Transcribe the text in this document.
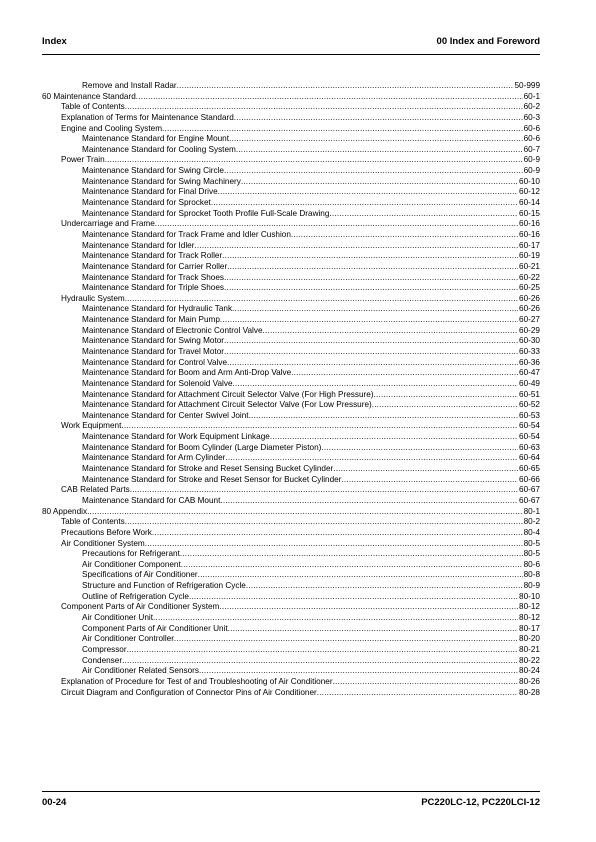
Index	00 Index and Foreword
Remove and Install Radar .....	50-999
60 Maintenance Standard .....	60-1
Table of Contents .....	60-2
Explanation of Terms for Maintenance Standard .....	60-3
Engine and Cooling System .....	60-6
Maintenance Standard for Engine Mount .....	60-6
Maintenance Standard for Cooling System .....	60-7
Power Train .....	60-9
Maintenance Standard for Swing Circle .....	60-9
Maintenance Standard for Swing Machinery .....	60-10
Maintenance Standard for Final Drive .....	60-12
Maintenance Standard for Sprocket .....	60-14
Maintenance Standard for Sprocket Tooth Profile Full-Scale Drawing .....	60-15
Undercarriage and Frame .....	60-16
Maintenance Standard for Track Frame and Idler Cushion .....	60-16
Maintenance Standard for Idler .....	60-17
Maintenance Standard for Track Roller .....	60-19
Maintenance Standard for Carrier Roller .....	60-21
Maintenance Standard for Track Shoes .....	60-22
Maintenance Standard for Triple Shoes .....	60-25
Hydraulic System .....	60-26
Maintenance Standard for Hydraulic Tank .....	60-26
Maintenance Standard for Main Pump .....	60-27
Maintenance Standard of Electronic Control Valve .....	60-29
Maintenance Standard for Swing Motor .....	60-30
Maintenance Standard for Travel Motor .....	60-33
Maintenance Standard for Control Valve .....	60-36
Maintenance Standard for Boom and Arm Anti-Drop Valve .....	60-47
Maintenance Standard for Solenoid Valve .....	60-49
Maintenance Standard for Attachment Circuit Selector Valve (For High Pressure) .....	60-51
Maintenance Standard for Attachment Circuit Selector Valve (For Low Pressure) .....	60-52
Maintenance Standard for Center Swivel Joint .....	60-53
Work Equipment .....	60-54
Maintenance Standard for Work Equipment Linkage .....	60-54
Maintenance Standard for Boom Cylinder (Large Diameter Piston) .....	60-63
Maintenance Standard for Arm Cylinder .....	60-64
Maintenance Standard for Stroke and Reset Sensing Bucket Cylinder .....	60-65
Maintenance Standard for Stroke and Reset Sensor for Bucket Cylinder .....	60-66
CAB Related Parts .....	60-67
Maintenance Standard for CAB Mount .....	60-67
80 Appendix .....	80-1
Table of Contents .....	80-2
Precautions Before Work .....	80-4
Air Conditioner System .....	80-5
Precautions for Refrigerant .....	80-5
Air Conditioner Component .....	80-6
Specifications of Air Conditioner .....	80-8
Structure and Function of Refrigeration Cycle .....	80-9
Outline of Refrigeration Cycle .....	80-10
Component Parts of Air Conditioner System .....	80-12
Air Conditioner Unit .....	80-12
Component Parts of Air Conditioner Unit .....	80-17
Air Conditioner Controller .....	80-20
Compressor .....	80-21
Condenser .....	80-22
Air Conditioner Related Sensors .....	80-24
Explanation of Procedure for Test of and Troubleshooting of Air Conditioner .....	80-26
Circuit Diagram and Configuration of Connector Pins of Air Conditioner .....	80-28
00-24	PC220LC-12, PC220LCI-12
